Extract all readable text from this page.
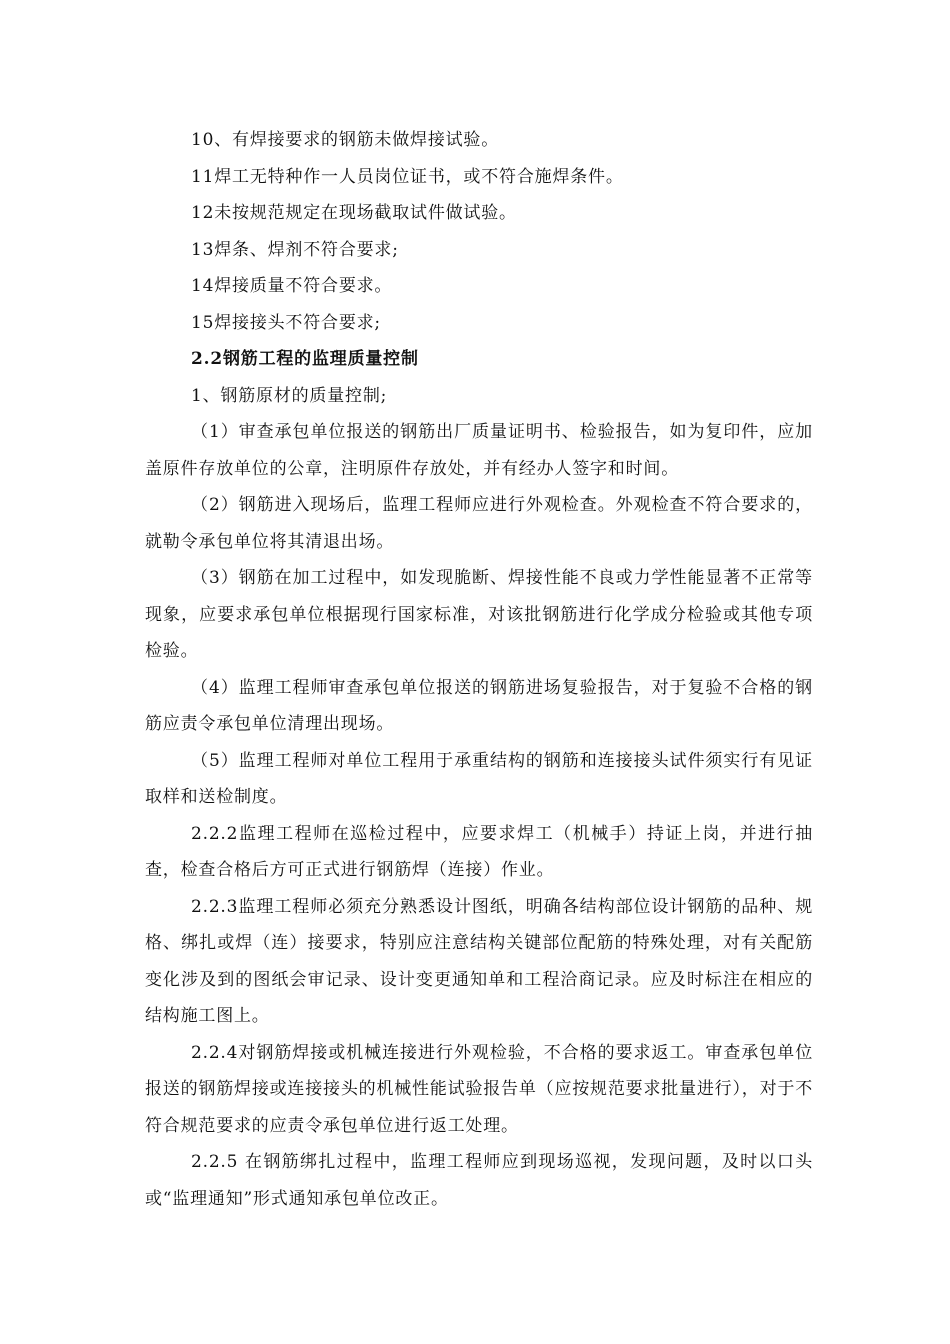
10、有焊接要求的钢筋未做焊接试验。
11焊工无特种作一人员岗位证书，或不符合施焊条件。
12未按规范规定在现场截取试件做试验。
13焊条、焊剂不符合要求;
14焊接质量不符合要求。
15焊接接头不符合要求;
2.2钢筋工程的监理质量控制
1、钢筋原材的质量控制;
（1）审查承包单位报送的钢筋出厂质量证明书、检验报告，如为复印件，应加盖原件存放单位的公章，注明原件存放处，并有经办人签字和时间。
（2）钢筋进入现场后，监理工程师应进行外观检查。外观检查不符合要求的，就勒令承包单位将其清退出场。
（3）钢筋在加工过程中，如发现脆断、焊接性能不良或力学性能显著不正常等现象，应要求承包单位根据现行国家标准，对该批钢筋进行化学成分检验或其他专项检验。
（4）监理工程师审查承包单位报送的钢筋进场复验报告，对于复验不合格的钢筋应责令承包单位清理出现场。
（5）监理工程师对单位工程用于承重结构的钢筋和连接接头试件须实行有见证取样和送检制度。
2.2.2监理工程师在巡检过程中，应要求焊工（机械手）持证上岗，并进行抽查，检查合格后方可正式进行钢筋焊（连接）作业。
2.2.3监理工程师必须充分熟悉设计图纸，明确各结构部位设计钢筋的品种、规格、绑扎或焊（连）接要求，特别应注意结构关键部位配筋的特殊处理，对有关配筋变化涉及到的图纸会审记录、设计变更通知单和工程洽商记录。应及时标注在相应的结构施工图上。
2.2.4对钢筋焊接或机械连接进行外观检验，不合格的要求返工。审查承包单位报送的钢筋焊接或连接接头的机械性能试验报告单（应按规范要求批量进行），对于不符合规范要求的应责令承包单位进行返工处理。
2.2.5 在钢筋绑扎过程中，监理工程师应到现场巡视，发现问题，及时以口头或“监理通知”形式通知承包单位改正。
